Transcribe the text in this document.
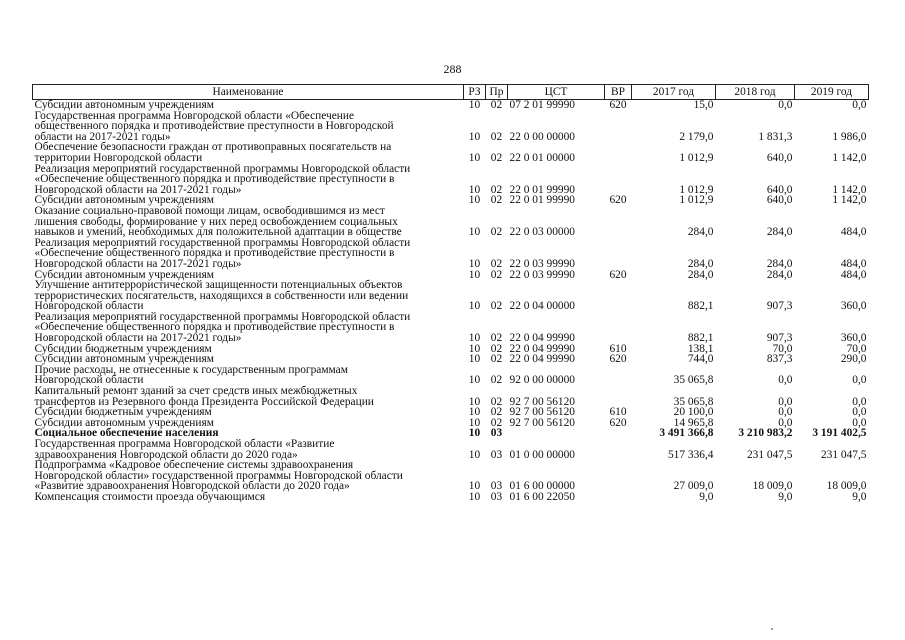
288
Наименование	РЗ	Пр	ЦСТ	ВР	2017 год	2018 год	2019 год

Субсидии автономным учреждениям	10	02	07 2 01 99990	620	15,0	0,0	0,0

Государственная программа Новгородской области «Обеспечение
общественного порядка и противодействие преступности в Новгородской
области на 2017-2021 годы»	10	02	22 0 00 00000		2 179,0	1 831,3	1 986,0

Обеспечение безопасности граждан от противоправных посягательств на
территории Новгородской области	10	02	22 0 01 00000		1 012,9	640,0	1 142,0

Реализация мероприятий государственной программы Новгородской области
«Обеспечение общественного порядка и противодействие преступности в
Новгородской области на 2017-2021 годы»	10	02	22 0 01 99990		1 012,9	640,0	1 142,0

Субсидии автономным учреждениям	10	02	22 0 01 99990	620	1 012,9	640,0	1 142,0

Оказание социально-правовой помощи лицам, освободившимся из мест
лишения свободы, формирование у них перед освобождением социальных
навыков и умений, необходимых для положительной адаптации в обществе	10	02	22 0 03 00000		284,0	284,0	484,0

Реализация мероприятий государственной программы Новгородской области
«Обеспечение общественного порядка и противодействие преступности в
Новгородской области на 2017-2021 годы»	10	02	22 0 03 99990		284,0	284,0	484,0

Субсидии автономным учреждениям	10	02	22 0 03 99990	620	284,0	284,0	484,0

Улучшение антитеррористической защищенности потенциальных объектов
террористических посягательств, находящихся в собственности или ведении
Новгородской области	10	02	22 0 04 00000		882,1	907,3	360,0

Реализация мероприятий государственной программы Новгородской области
«Обеспечение общественного порядка и противодействие преступности в
Новгородской области на 2017-2021 годы»	10	02	22 0 04 99990		882,1	907,3	360,0

Субсидии бюджетным учреждениям	10	02	22 0 04 99990	610	138,1	70,0	70,0

Субсидии автономным учреждениям	10	02	22 0 04 99990	620	744,0	837,3	290,0

Прочие расходы, не отнесенные к государственным программам
Новгородской области	10	02	92 0 00 00000		35 065,8	0,0	0,0

Капитальный ремонт зданий за счет средств иных межбюджетных
трансфертов из Резервного фонда Президента Российской Федерации	10	02	92 7 00 56120		35 065,8	0,0	0,0

Субсидии бюджетным учреждениям	10	02	92 7 00 56120	610	20 100,0	0,0	0,0

Субсидии автономным учреждениям	10	02	92 7 00 56120	620	14 965,8	0,0	0,0

Социальное обеспечение населения	10	03			3 491 366,8	3 210 983,2	3 191 402,5

Государственная программа Новгородской области «Развитие
здравоохранения Новгородской области до 2020 года»	10	03	01 0 00 00000		517 336,4	231 047,5	231 047,5

Подпрограмма «Кадровое обеспечение системы здравоохранения
Новгородской области» государственной программы Новгородской области
«Развитие здравоохранения Новгородской области до 2020 года»	10	03	01 6 00 00000		27 009,0	18 009,0	18 009,0

Компенсация стоимости проезда обучающимся	10	03	01 6 00 22050		9,0	9,0	9,0
